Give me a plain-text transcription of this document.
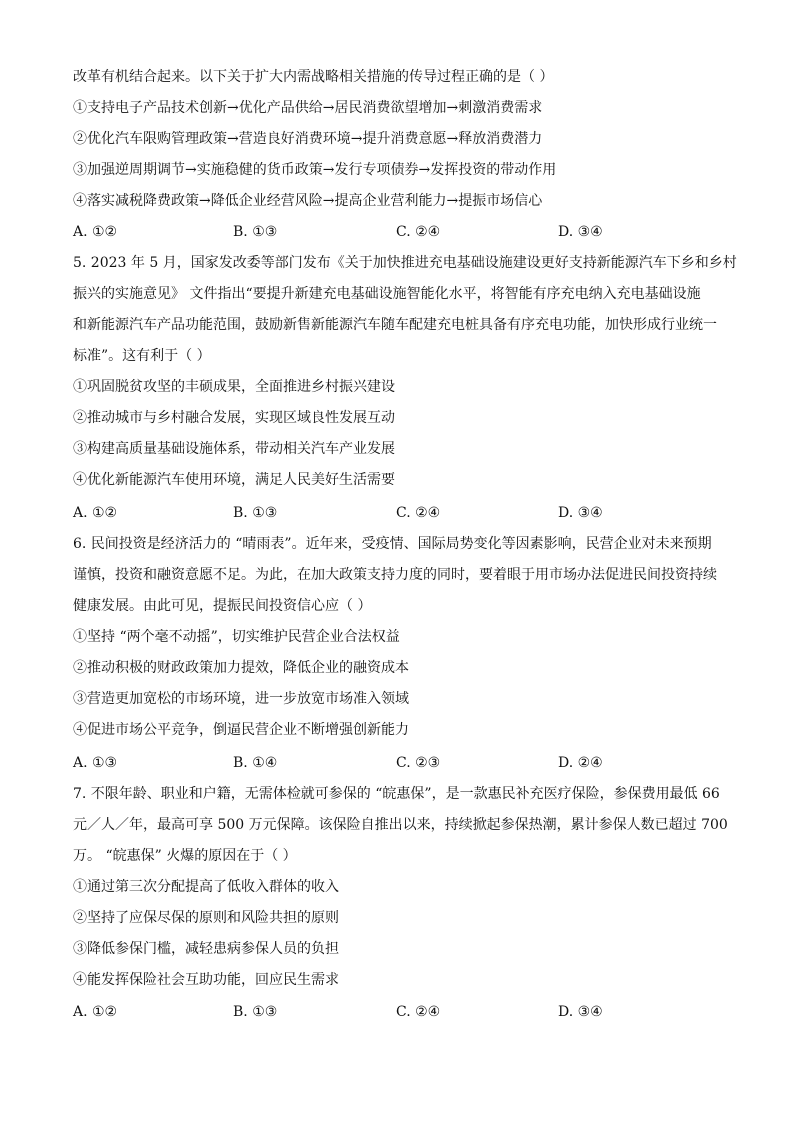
改革有机结合起来。以下关于扩大内需战略相关措施的传导过程正确的是（ ）
①支持电子产品技术创新→优化产品供给→居民消费欲望增加→刺激消费需求
②优化汽车限购管理政策→营造良好消费环境→提升消费意愿→释放消费潜力
③加强逆周期调节→实施稳健的货币政策→发行专项债券→发挥投资的带动作用
④落实减税降费政策→降低企业经营风险→提高企业营利能力→提振市场信心
A. ①②	B. ①③	C. ②④	D. ③④
5. 2023 年 5 月，国家发改委等部门发布《关于加快推进充电基础设施建设更好支持新能源汽车下乡和乡村
振兴的实施意见》 文件指出“要提升新建充电基础设施智能化水平，将智能有序充电纳入充电基础设施
和新能源汽车产品功能范围，鼓励新售新能源汽车随车配建充电桩具备有序充电功能，加快形成行业统一
标准”。这有利于（ ）
①巩固脱贫攻坚的丰硕成果，全面推进乡村振兴建设
②推动城市与乡村融合发展，实现区域良性发展互动
③构建高质量基础设施体系，带动相关汽车产业发展
④优化新能源汽车使用环境，满足人民美好生活需要
A. ①②	B. ①③	C. ②④	D. ③④
6. 民间投资是经济活力的 “晴雨表”。近年来，受疫情、国际局势变化等因素影响，民营企业对未来预期
谨慎，投资和融资意愿不足。为此，在加大政策支持力度的同时，要着眼于用市场办法促进民间投资持续
健康发展。由此可见，提振民间投资信心应（ ）
①坚持 “两个毫不动摇”，切实维护民营企业合法权益
②推动积极的财政政策加力提效，降低企业的融资成本
③营造更加宽松的市场环境，进一步放宽市场准入领域
④促进市场公平竞争，倒逼民营企业不断增强创新能力
A. ①③	B. ①④	C. ②③	D. ②④
7. 不限年龄、职业和户籍，无需体检就可参保的 “皖惠保”，是一款惠民补充医疗保险，参保费用最低 66
元／人／年，最高可享 500 万元保障。该保险自推出以来，持续掀起参保热潮，累计参保人数已超过 700
万。 “皖惠保” 火爆的原因在于（ ）
①通过第三次分配提高了低收入群体的收入
②坚持了应保尽保的原则和风险共担的原则
③降低参保门槛，减轻患病参保人员的负担
④能发挥保险社会互助功能，回应民生需求
A. ①②	B. ①③	C. ②④	D. ③④
